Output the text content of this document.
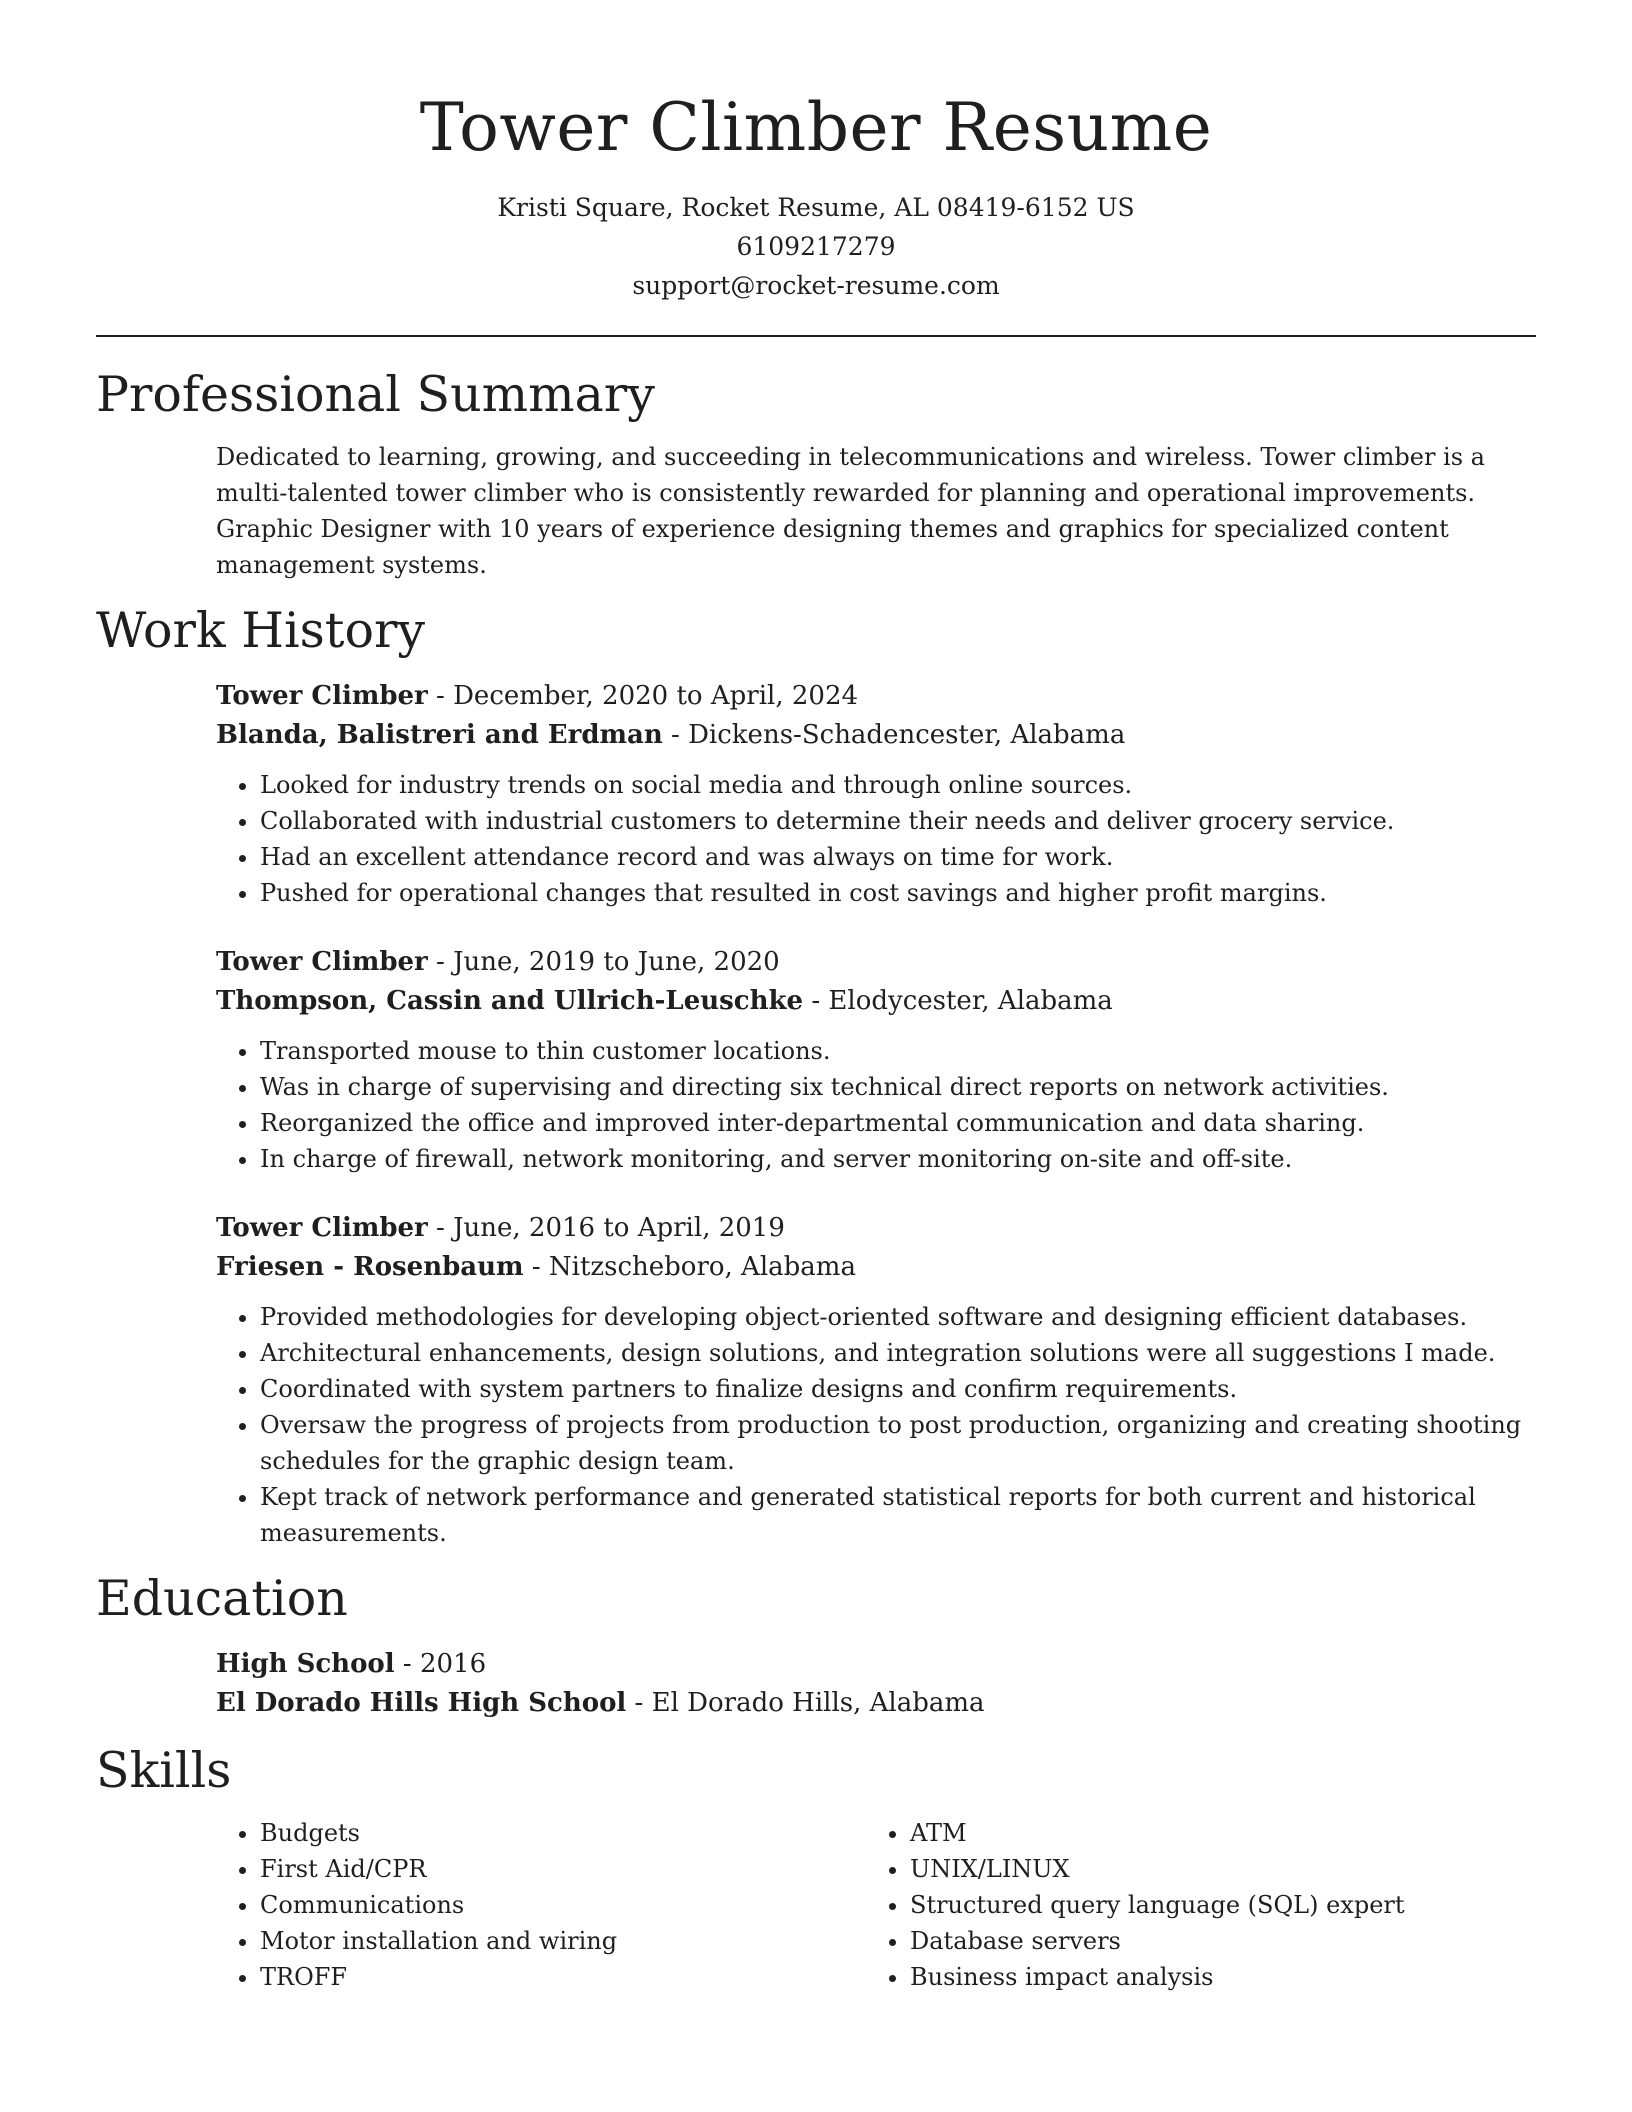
Tower Climber Resume
Kristi Square, Rocket Resume, AL 08419-6152 US
6109217279
support@rocket-resume.com
Professional Summary
Dedicated to learning, growing, and succeeding in telecommunications and wireless. Tower climber is a multi-talented tower climber who is consistently rewarded for planning and operational improvements. Graphic Designer with 10 years of experience designing themes and graphics for specialized content management systems.
Work History
Tower Climber - December, 2020 to April, 2024
Blanda, Balistreri and Erdman - Dickens-Schadencester, Alabama
• Looked for industry trends on social media and through online sources.
• Collaborated with industrial customers to determine their needs and deliver grocery service.
• Had an excellent attendance record and was always on time for work.
• Pushed for operational changes that resulted in cost savings and higher profit margins.
Tower Climber - June, 2019 to June, 2020
Thompson, Cassin and Ullrich-Leuschke - Elodycester, Alabama
• Transported mouse to thin customer locations.
• Was in charge of supervising and directing six technical direct reports on network activities.
• Reorganized the office and improved inter-departmental communication and data sharing.
• In charge of firewall, network monitoring, and server monitoring on-site and off-site.
Tower Climber - June, 2016 to April, 2019
Friesen - Rosenbaum - Nitzscheboro, Alabama
• Provided methodologies for developing object-oriented software and designing efficient databases.
• Architectural enhancements, design solutions, and integration solutions were all suggestions I made.
• Coordinated with system partners to finalize designs and confirm requirements.
• Oversaw the progress of projects from production to post production, organizing and creating shooting schedules for the graphic design team.
• Kept track of network performance and generated statistical reports for both current and historical measurements.
Education
High School - 2016
El Dorado Hills High School - El Dorado Hills, Alabama
Skills
• Budgets
• First Aid/CPR
• Communications
• Motor installation and wiring
• TROFF
• ATM
• UNIX/LINUX
• Structured query language (SQL) expert
• Database servers
• Business impact analysis
